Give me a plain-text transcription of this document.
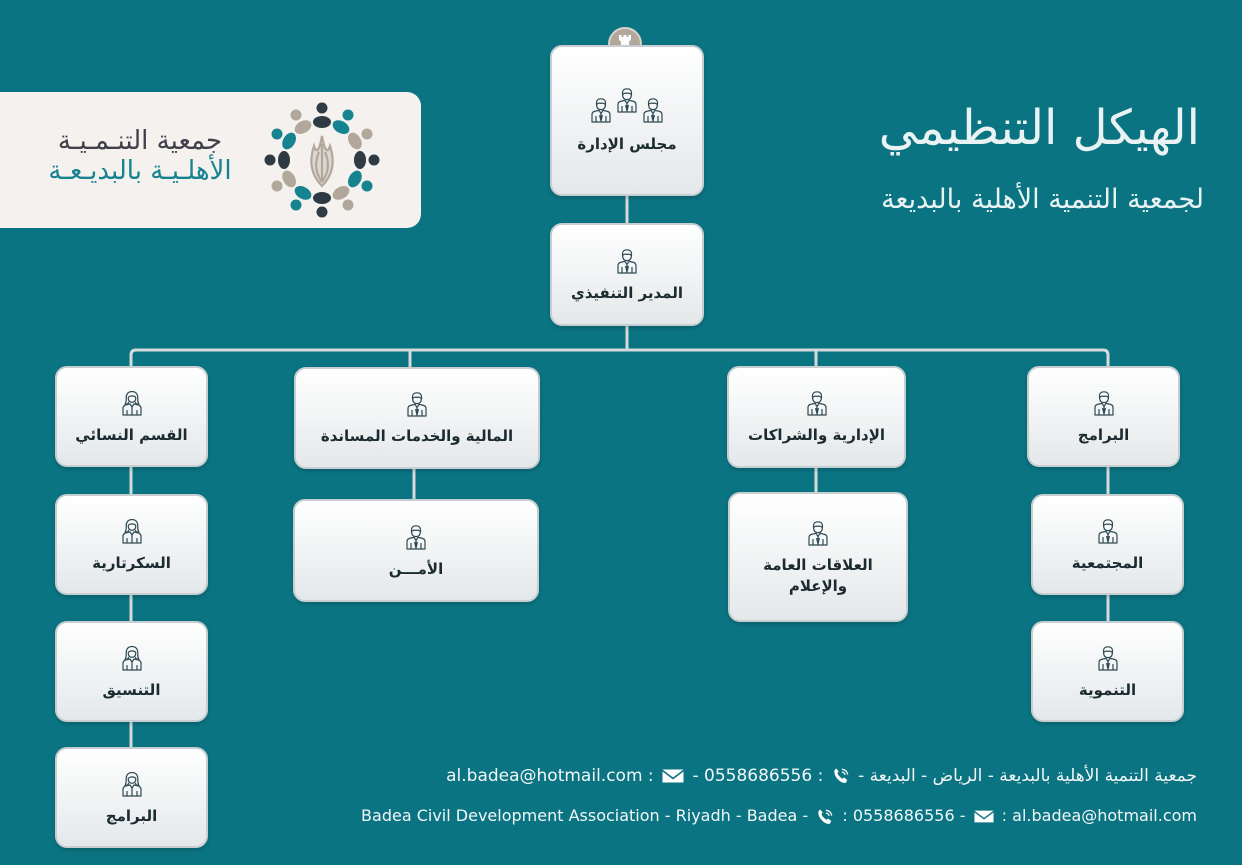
الهيكل التنظيمي
لجمعية التنمية الأهلية بالبديعة
جمعية التنـمـيـة
الأهلـيـة بالبديـعـة
مجلس الإدارة
المدير التنفيذي
القسم النسائي
السكرتارية
التنسيق
البرامج
المالية والخدمات المساندة
الأمـــن
الإدارية والشراكات
العلاقات العامة والإعلام
البرامج
المجتمعية
التنموية
جمعية التنمية الأهلية بالبديعة - الرياض - البديعة -  : 0558686556 -  : al.badea@hotmail.com
Badea Civil Development Association - Riyadh - Badea - : 0558686556 - : al.badea@hotmail.com
